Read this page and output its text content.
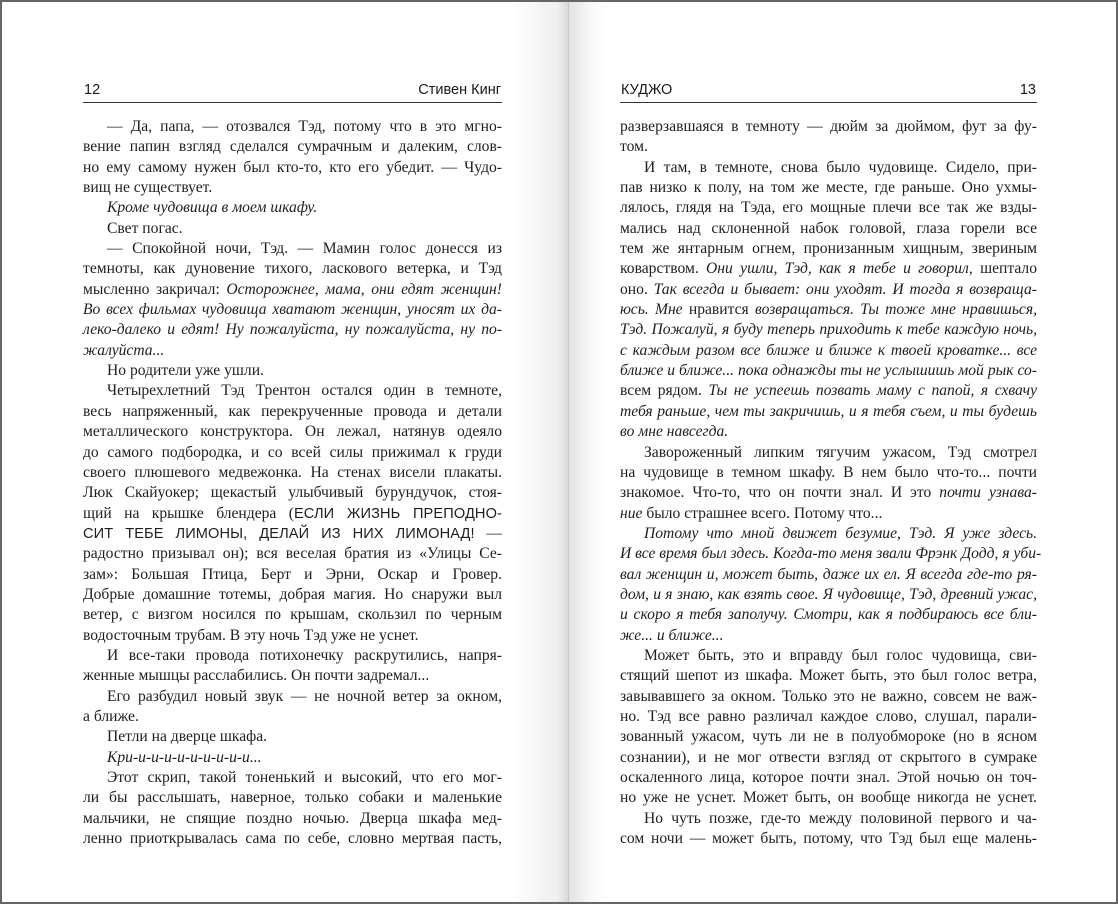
12	Стивен Кинг
— Да, папа, — отозвался Тэд, потому что в это мгно-
вение папин взгляд сделался сумрачным и далеким, слов-
но ему самому нужен был кто-то, кто его убедит. — Чудо-
вищ не существует.
Кроме чудовища в моем шкафу.
Свет погас.
— Спокойной ночи, Тэд. — Мамин голос донесся из
темноты, как дуновение тихого, ласкового ветерка, и Тэд
мысленно закричал: Осторожнее, мама, они едят женщин!
Во всех фильмах чудовища хватают женщин, уносят их да-
леко-далеко и едят! Ну пожалуйста, ну пожалуйста, ну по-
жалуйста...
Но родители уже ушли.
Четырехлетний Тэд Трентон остался один в темноте,
весь напряженный, как перекрученные провода и детали
металлического конструктора. Он лежал, натянув одеяло
до самого подбородка, и со всей силы прижимал к груди
своего плюшевого медвежонка. На стенах висели плакаты.
Люк Скайуокер; щекастый улыбчивый бурундучок, стоя-
щий на крышке блендера (ЕСЛИ ЖИЗНЬ ПРЕПОДНО-
СИТ ТЕБЕ ЛИМОНЫ, ДЕЛАЙ ИЗ НИХ ЛИМОНАД! —
радостно призывал он); вся веселая братия из «Улицы Се-
зам»: Большая Птица, Берт и Эрни, Оскар и Гровер.
Добрые домашние тотемы, добрая магия. Но снаружи выл
ветер, с визгом носился по крышам, скользил по черным
водосточным трубам. В эту ночь Тэд уже не уснет.
И все-таки провода потихонечку раскрутились, напря-
женные мышцы расслабились. Он почти задремал...
Его разбудил новый звук — не ночной ветер за окном,
а ближе.
Петли на дверце шкафа.
Кри-и-и-и-и-и-и-и-и-и...
Этот скрип, такой тоненький и высокий, что его мог-
ли бы расслышать, наверное, только собаки и маленькие
мальчики, не спящие поздно ночью. Дверца шкафа мед-
ленно приоткрывалась сама по себе, словно мертвая пасть,
КУДЖО	13
разверзавшаяся в темноту — дюйм за дюймом, фут за фу-
том.
И там, в темноте, снова было чудовище. Сидело, при-
пав низко к полу, на том же месте, где раньше. Оно ухмы-
лялось, глядя на Тэда, его мощные плечи все так же взды-
мались над склоненной набок головой, глаза горели все
тем же янтарным огнем, пронизанным хищным, звериным
коварством. Они ушли, Тэд, как я тебе и говорил, шептало
оно. Так всегда и бывает: они уходят. И тогда я возвраща-
юсь. Мне нравится возвращаться. Ты тоже мне нравишься,
Тэд. Пожалуй, я буду теперь приходить к тебе каждую ночь,
с каждым разом все ближе и ближе к твоей кроватке... все
ближе и ближе... пока однажды ты не услышишь мой рык со-
всем рядом. Ты не успеешь позвать маму с папой, я схвачу
тебя раньше, чем ты закричишь, и я тебя съем, и ты будешь
во мне навсегда.
Завороженный липким тягучим ужасом, Тэд смотрел
на чудовище в темном шкафу. В нем было что-то... почти
знакомое. Что-то, что он почти знал. И это почти узнава-
ние было страшнее всего. Потому что...
Потому что мной движет безумие, Тэд. Я уже здесь.
И все время был здесь. Когда-то меня звали Фрэнк Додд, я уби-
вал женщин и, может быть, даже их ел. Я всегда где-то ря-
дом, и я знаю, как взять свое. Я чудовище, Тэд, древний ужас,
и скоро я тебя заполучу. Смотри, как я подбираюсь все бли-
же... и ближе...
Может быть, это и вправду был голос чудовища, сви-
стящий шепот из шкафа. Может быть, это был голос ветра,
завывавшего за окном. Только это не важно, совсем не важ-
но. Тэд все равно различал каждое слово, слушал, парали-
зованный ужасом, чуть ли не в полуобмороке (но в ясном
сознании), и не мог отвести взгляд от скрытого в сумраке
оскаленного лица, которое почти знал. Этой ночью он точ-
но уже не уснет. Может быть, он вообще никогда не уснет.
Но чуть позже, где-то между половиной первого и ча-
сом ночи — может быть, потому, что Тэд был еще малень-
